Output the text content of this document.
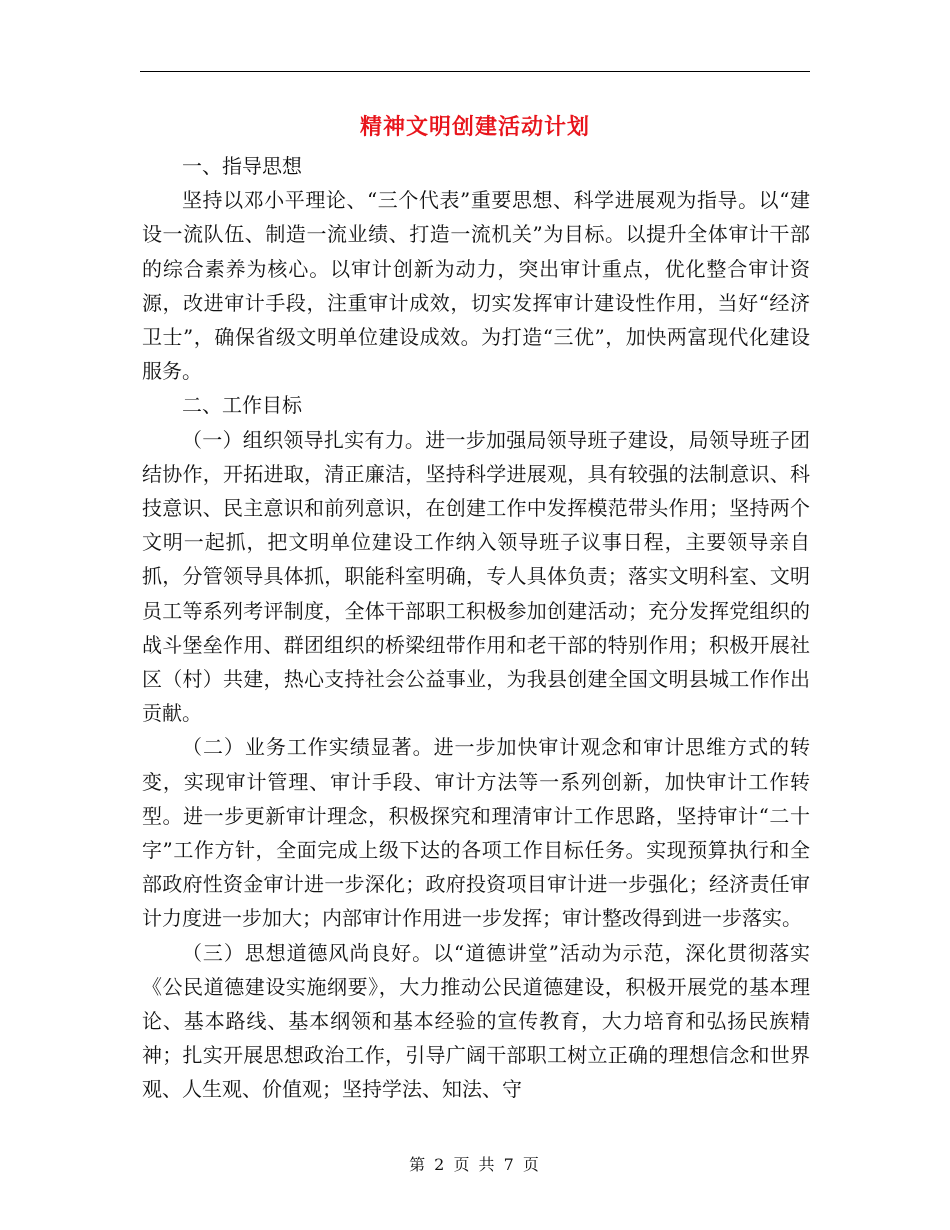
精神文明创建活动计划

一、指导思想

坚持以邓小平理论、“三个代表”重要思想、科学进展观为指导。以“建设一流队伍、制造一流业绩、打造一流机关”为目标。以提升全体审计干部的综合素养为核心。以审计创新为动力，突出审计重点，优化整合审计资源，改进审计手段，注重审计成效，切实发挥审计建设性作用，当好“经济卫士”，确保省级文明单位建设成效。为打造“三优”，加快两富现代化建设服务。

二、工作目标

（一）组织领导扎实有力。进一步加强局领导班子建设，局领导班子团结协作，开拓进取，清正廉洁，坚持科学进展观，具有较强的法制意识、科技意识、民主意识和前列意识，在创建工作中发挥模范带头作用；坚持两个文明一起抓，把文明单位建设工作纳入领导班子议事日程，主要领导亲自抓，分管领导具体抓，职能科室明确，专人具体负责；落实文明科室、文明员工等系列考评制度，全体干部职工积极参加创建活动；充分发挥党组织的战斗堡垒作用、群团组织的桥梁纽带作用和老干部的特别作用；积极开展社区（村）共建，热心支持社会公益事业，为我县创建全国文明县城工作作出贡献。

（二）业务工作实绩显著。进一步加快审计观念和审计思维方式的转变，实现审计管理、审计手段、审计方法等一系列创新，加快审计工作转型。进一步更新审计理念，积极探究和理清审计工作思路，坚持审计“二十字”工作方针，全面完成上级下达的各项工作目标任务。实现预算执行和全部政府性资金审计进一步深化；政府投资项目审计进一步强化；经济责任审计力度进一步加大；内部审计作用进一步发挥；审计整改得到进一步落实。

（三）思想道德风尚良好。以“道德讲堂”活动为示范，深化贯彻落实《公民道德建设实施纲要》，大力推动公民道德建设，积极开展党的基本理论、基本路线、基本纲领和基本经验的宣传教育，大力培育和弘扬民族精神；扎实开展思想政治工作，引导广阔干部职工树立正确的理想信念和世界观、人生观、价值观；坚持学法、知法、守

第 2 页 共 7 页
